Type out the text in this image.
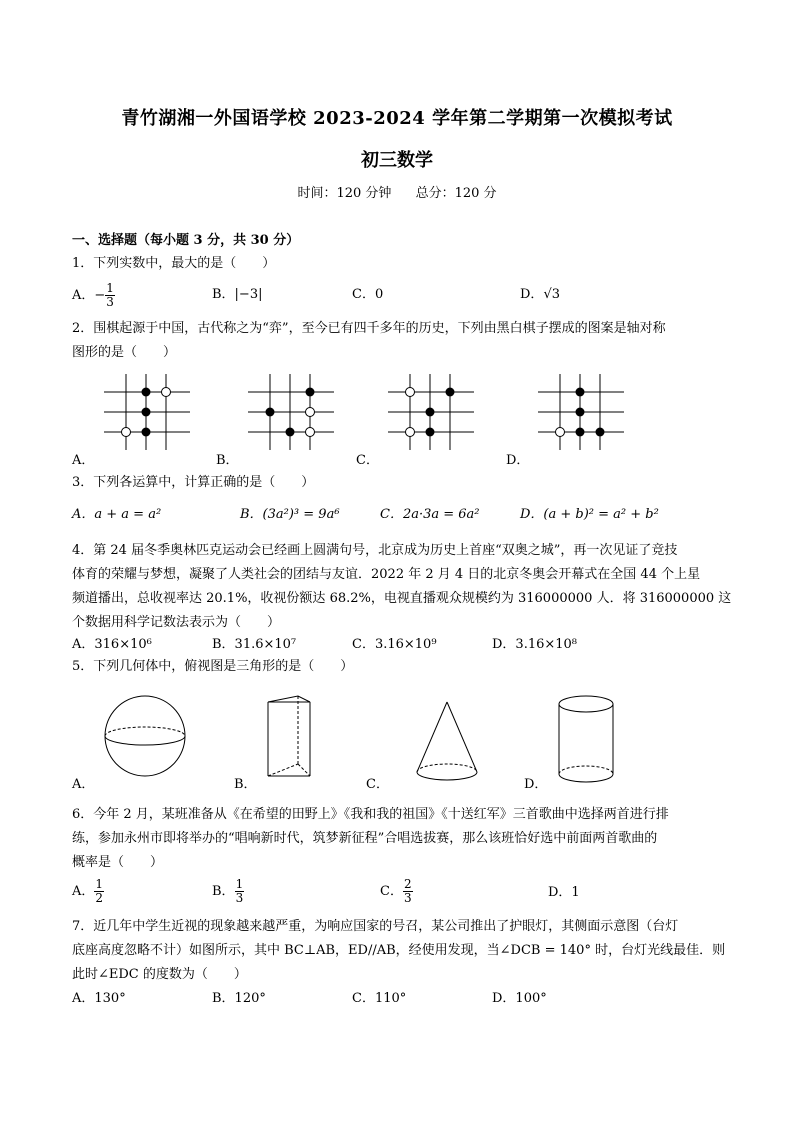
青竹湖湘一外国语学校 2023-2024 学年第二学期第一次模拟考试
初三数学
时间：120 分钟 总分：120 分
一、选择题（每小题 3 分，共 30 分）
1．下列实数中，最大的是（　　）
A．− $\frac{1}{3}$	B．|−3|	C．0	D．√3
2．围棋起源于中国，古代称之为“弈”，至今已有四千多年的历史，下列由黑白棋子摆成的图案是轴对称
图形的是（　　）
A．	B．	C．	D．
3．下列各运算中，计算正确的是（　　）
A．a + a = a²	B．(3a²)³ = 9a⁶	C．2a·3a = 6a²	D．(a + b)² = a² + b²
4．第 24 届冬季奥林匹克运动会已经画上圆满句号，北京成为历史上首座“双奥之城”，再一次见证了竞技
体育的荣耀与梦想，凝聚了人类社会的团结与友谊．2022 年 2 月 4 日的北京冬奥会开幕式在全国 44 个上星
频道播出，总收视率达 20.1%，收视份额达 68.2%，电视直播观众规模约为 316000000 人．将 316000000 这
个数据用科学记数法表示为（　　）
A．316×10⁶	B．31.6×10⁷	C．3.16×10⁹	D．3.16×10⁸
5．下列几何体中，俯视图是三角形的是（　　）
A．	B．	C．	D．
6．今年 2 月，某班准备从《在希望的田野上》《我和我的祖国》《十送红军》三首歌曲中选择两首进行排
练，参加永州市即将举办的“唱响新时代，筑梦新征程”合唱选拔赛，那么该班恰好选中前面两首歌曲的
概率是（　　）
A． $\frac{1}{2}$	B． $\frac{1}{3}$	C． $\frac{2}{3}$	D．1
7．近几年中学生近视的现象越来越严重，为响应国家的号召，某公司推出了护眼灯，其侧面示意图（台灯
底座高度忽略不计）如图所示，其中 BC⊥AB，ED//AB，经使用发现，当∠DCB = 140° 时，台灯光线最佳．则
此时∠EDC 的度数为（　　）
A．130°	B．120°	C．110°	D．100°
